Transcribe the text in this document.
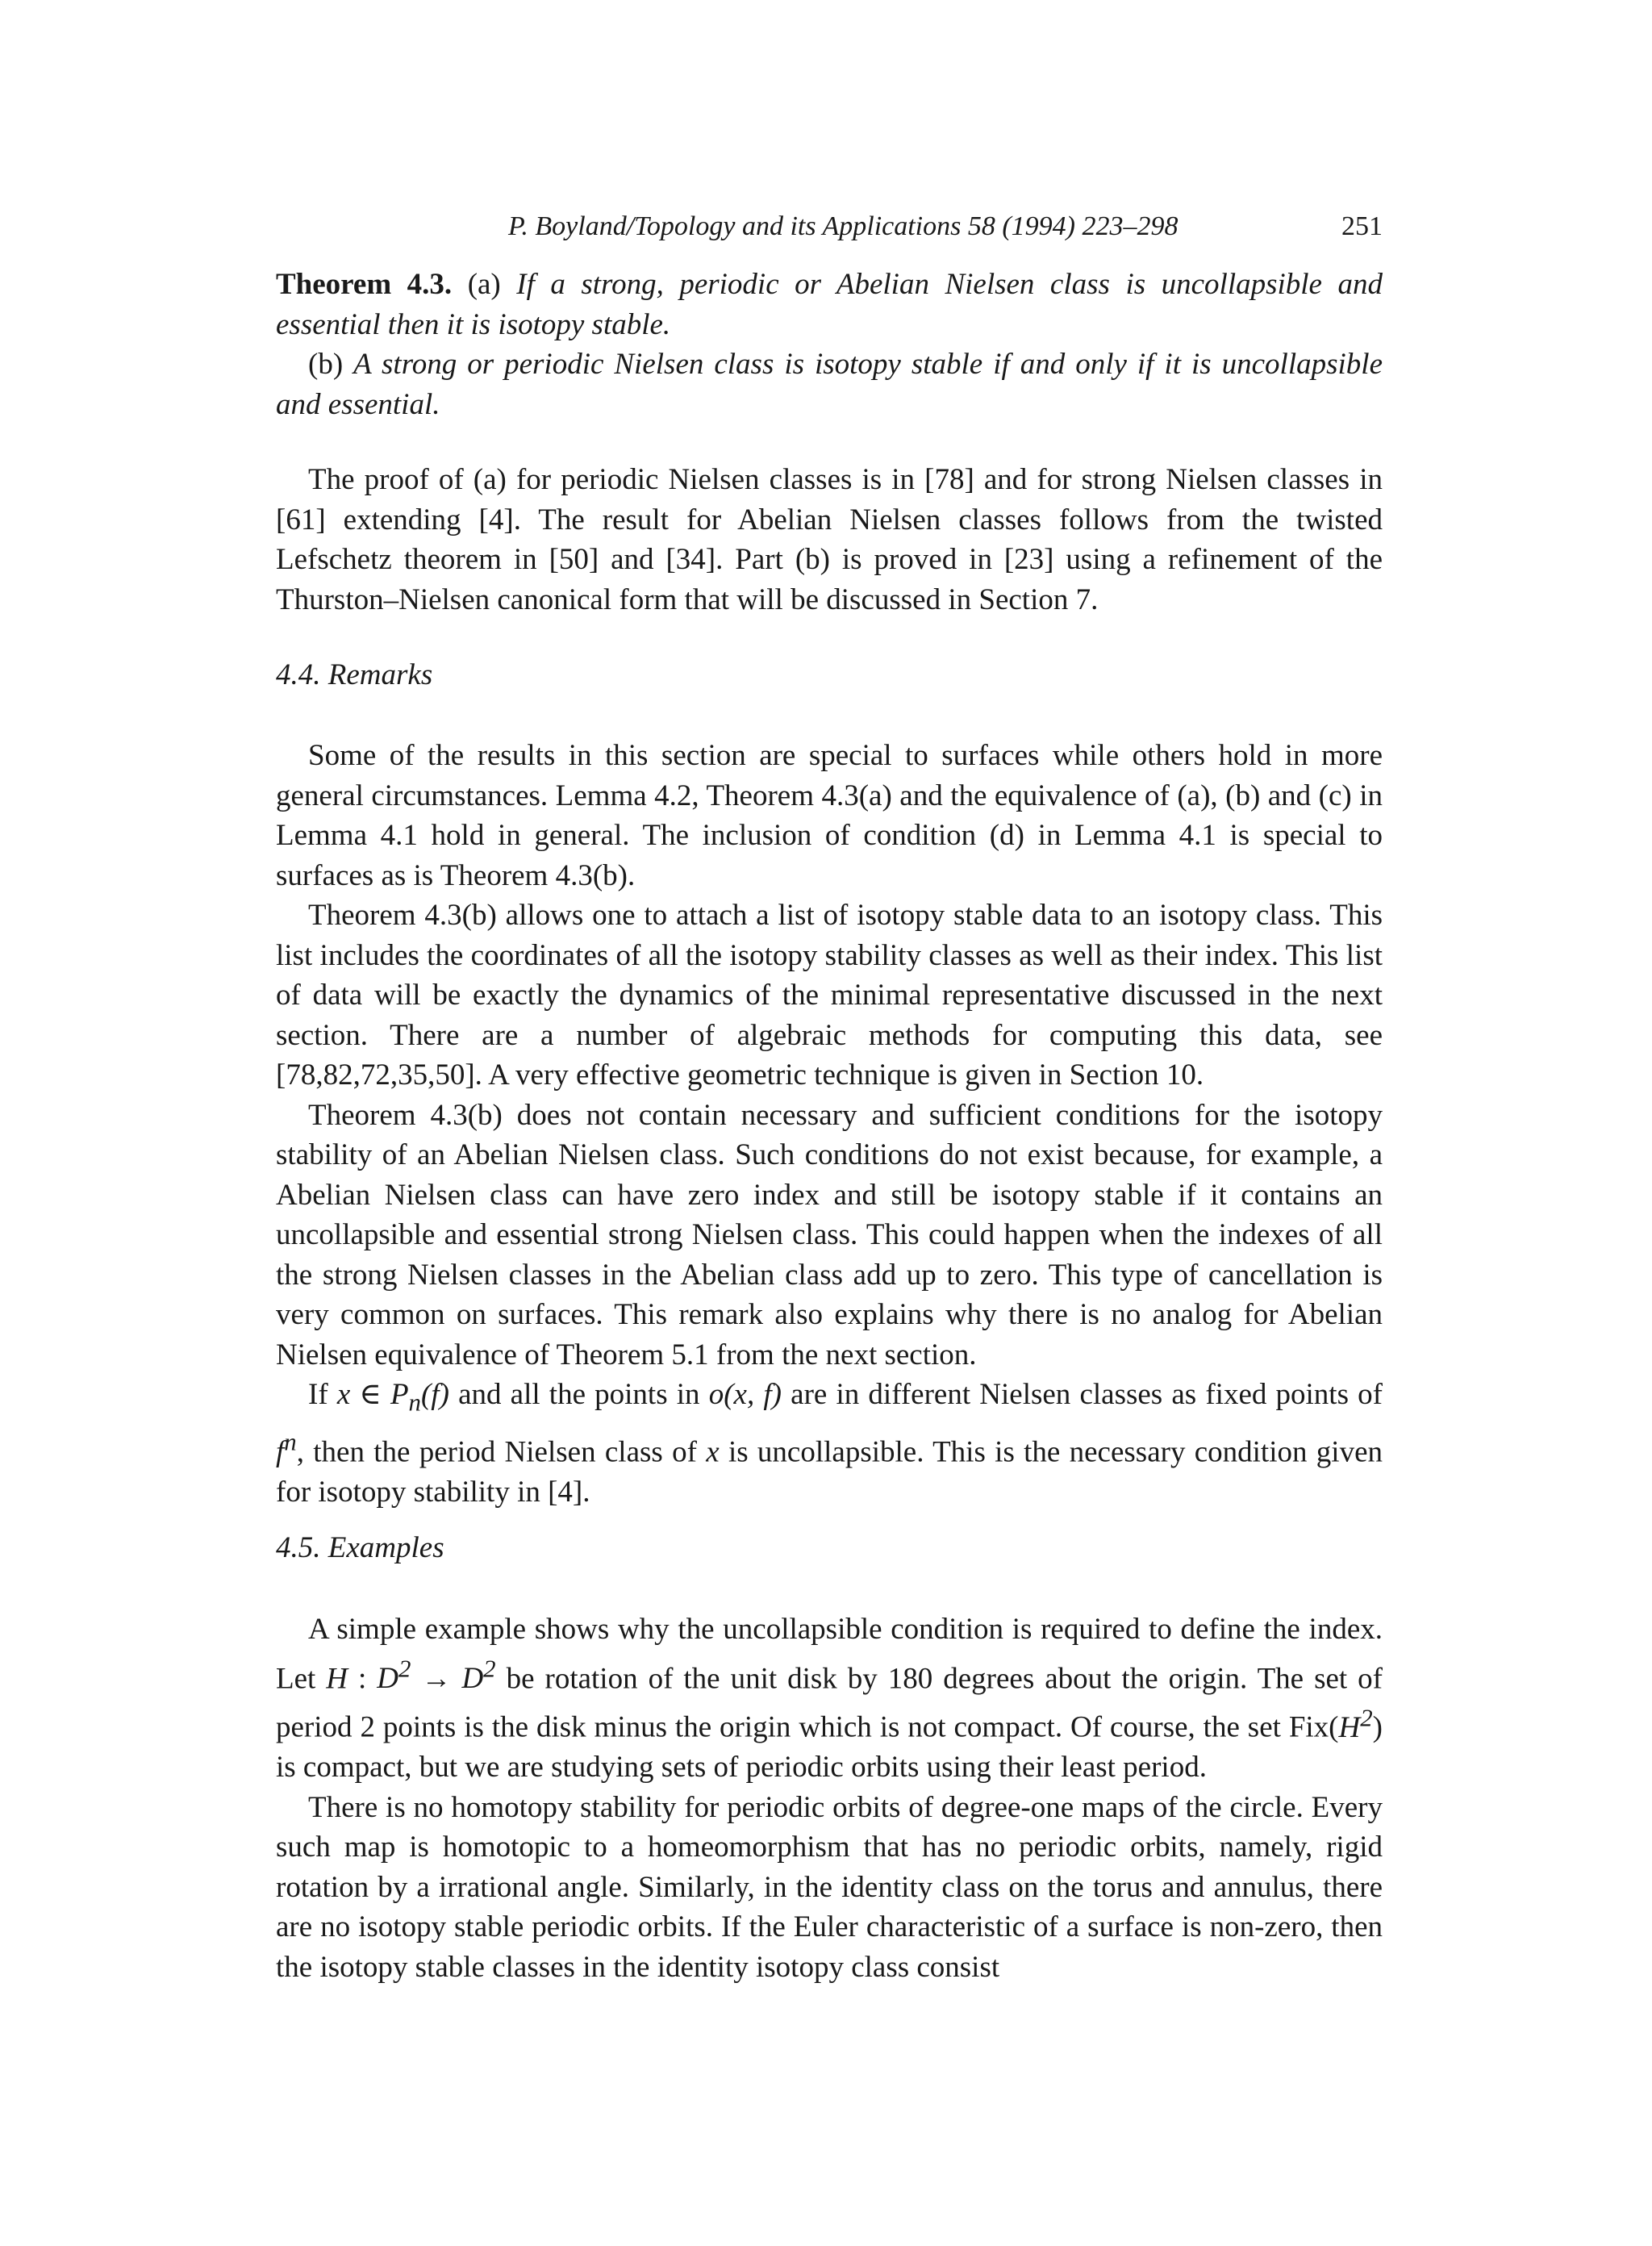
P. Boyland/Topology and its Applications 58 (1994) 223–298	251

Theorem 4.3. (a) If a strong, periodic or Abelian Nielsen class is uncollapsible and essential then it is isotopy stable.

(b) A strong or periodic Nielsen class is isotopy stable if and only if it is uncollapsible and essential.

The proof of (a) for periodic Nielsen classes is in [78] and for strong Nielsen classes in [61] extending [4]. The result for Abelian Nielsen classes follows from the twisted Lefschetz theorem in [50] and [34]. Part (b) is proved in [23] using a refinement of the Thurston–Nielsen canonical form that will be discussed in Section 7.

4.4. Remarks

Some of the results in this section are special to surfaces while others hold in more general circumstances. Lemma 4.2, Theorem 4.3(a) and the equivalence of (a), (b) and (c) in Lemma 4.1 hold in general. The inclusion of condition (d) in Lemma 4.1 is special to surfaces as is Theorem 4.3(b).

Theorem 4.3(b) allows one to attach a list of isotopy stable data to an isotopy class. This list includes the coordinates of all the isotopy stability classes as well as their index. This list of data will be exactly the dynamics of the minimal representative discussed in the next section. There are a number of algebraic methods for computing this data, see [78,82,72,35,50]. A very effective geometric technique is given in Section 10.

Theorem 4.3(b) does not contain necessary and sufficient conditions for the isotopy stability of an Abelian Nielsen class. Such conditions do not exist because, for example, a Abelian Nielsen class can have zero index and still be isotopy stable if it contains an uncollapsible and essential strong Nielsen class. This could happen when the indexes of all the strong Nielsen classes in the Abelian class add up to zero. This type of cancellation is very common on surfaces. This remark also explains why there is no analog for Abelian Nielsen equivalence of Theorem 5.1 from the next section.

If x ∈ $P_n(f)$ and all the points in o(x, f) are in different Nielsen classes as fixed points of $f^n$, then the period Nielsen class of x is uncollapsible. This is the necessary condition given for isotopy stability in [4].

4.5. Examples

A simple example shows why the uncollapsible condition is required to define the index. Let H : $D^2 \to D^2$ be rotation of the unit disk by 180 degrees about the origin. The set of period 2 points is the disk minus the origin which is not compact. Of course, the set $Fix(H^2)$ is compact, but we are studying sets of periodic orbits using their least period.

There is no homotopy stability for periodic orbits of degree-one maps of the circle. Every such map is homotopic to a homeomorphism that has no periodic orbits, namely, rigid rotation by a irrational angle. Similarly, in the identity class on the torus and annulus, there are no isotopy stable periodic orbits. If the Euler characteristic of a surface is non-zero, then the isotopy stable classes in the identity isotopy class consist
